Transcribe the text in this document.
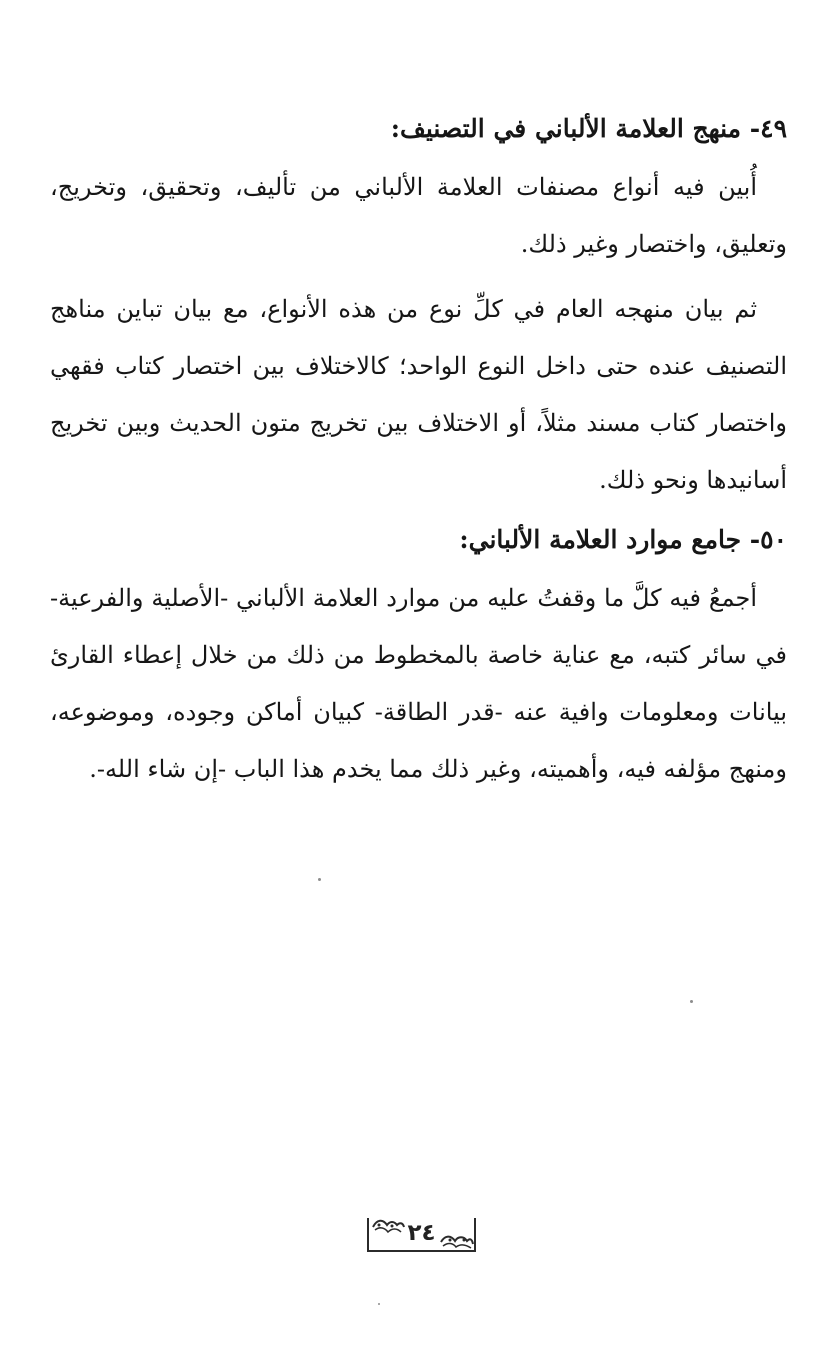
٤٩- منهج العلامة الألباني في التصنيف:

أُبين فيه أنواع مصنفات العلامة الألباني من تأليف، وتحقيق، وتخريج، وتعليق، واختصار وغير ذلك.

ثم بيان منهجه العام في كلِّ نوع من هذه الأنواع، مع بيان تباين مناهج التصنيف عنده حتى داخل النوع الواحد؛ كالاختلاف بين اختصار كتاب فقهي واختصار كتاب مسند مثلاً، أو الاختلاف بين تخريج متون الحديث وبين تخريج أسانيدها ونحو ذلك.

٥٠- جامع موارد العلامة الألباني:

أجمعُ فيه كلَّ ما وقفتُ عليه من موارد العلامة الألباني -الأصلية والفرعية- في سائر كتبه، مع عناية خاصة بالمخطوط من ذلك من خلال إعطاء القارئ بيانات ومعلومات وافية عنه -قدر الطاقة- كبيان أماكن وجوده، وموضوعه، ومنهج مؤلفه فيه، وأهميته، وغير ذلك مما يخدم هذا الباب -إن شاء الله-.

٢٤
